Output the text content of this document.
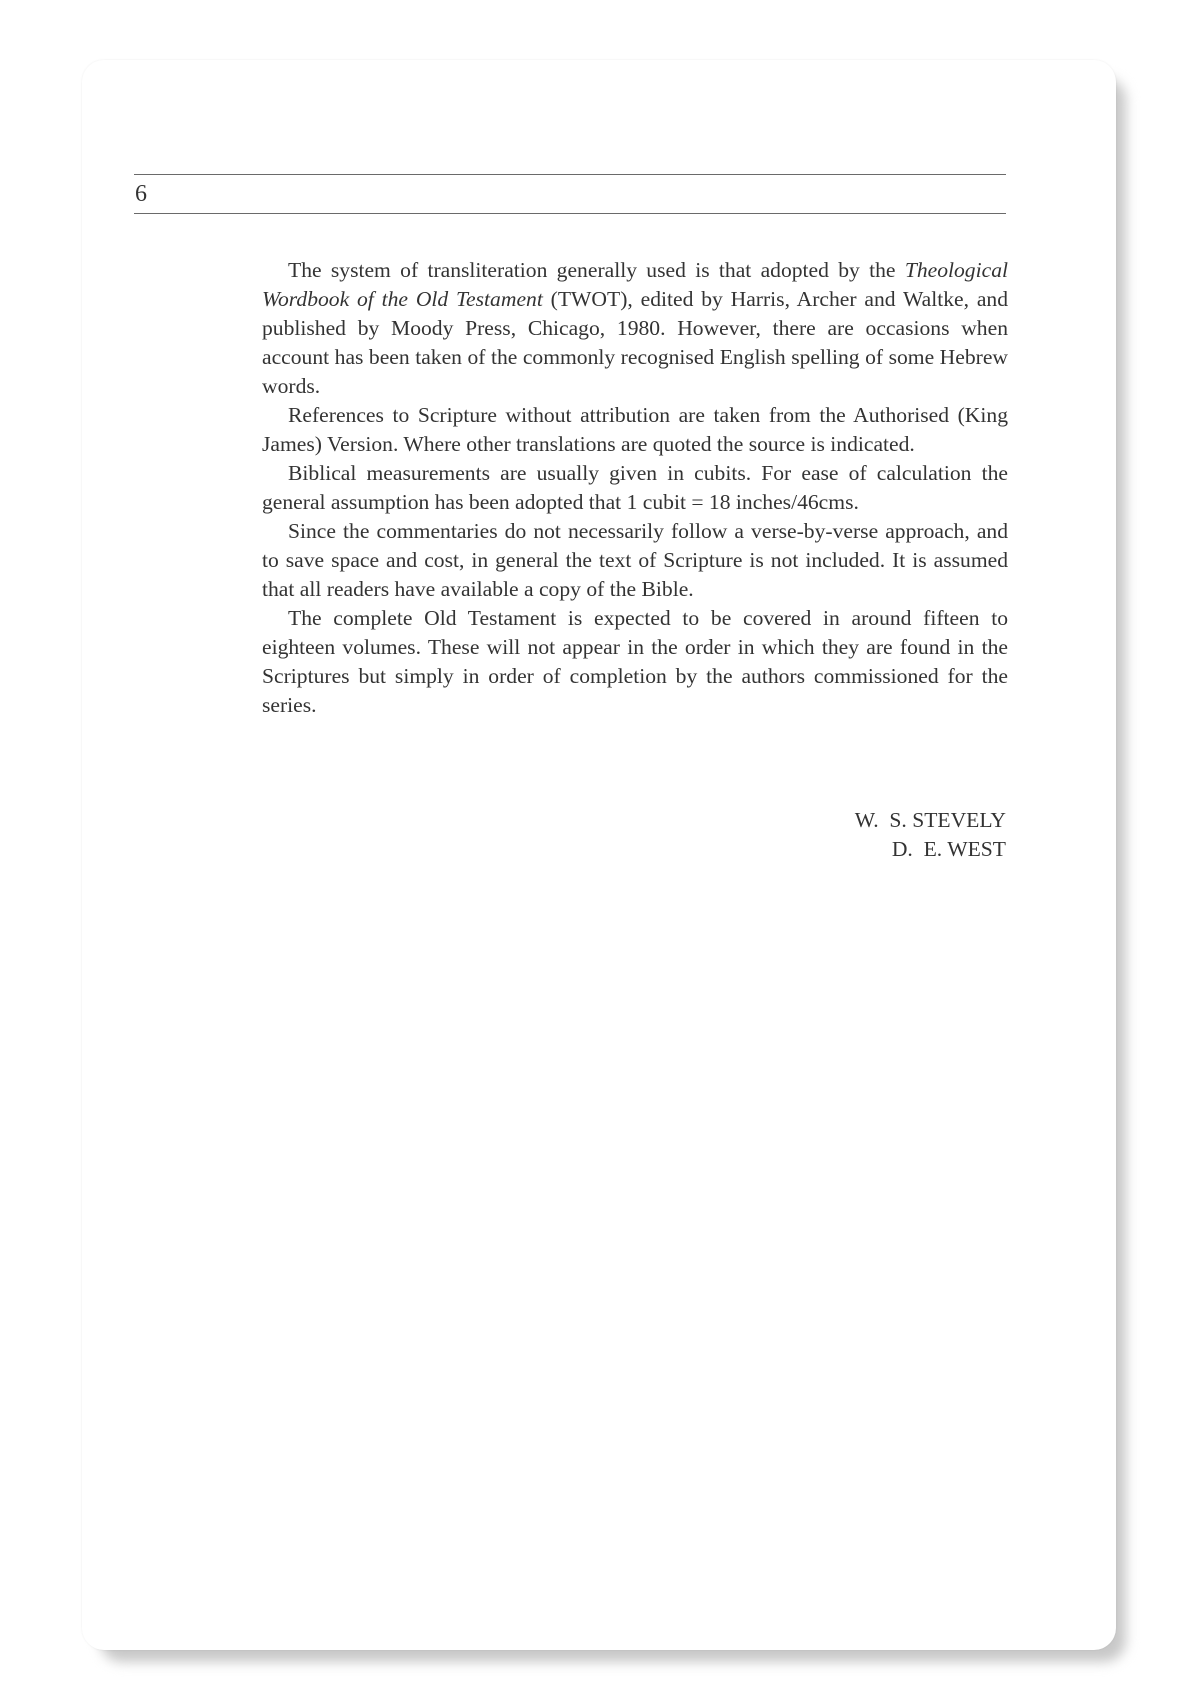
6

The system of transliteration generally used is that adopted by the Theological Wordbook of the Old Testament (TWOT), edited by Harris, Archer and Waltke, and published by Moody Press, Chicago, 1980. However, there are occasions when account has been taken of the commonly recognised English spelling of some Hebrew words.

References to Scripture without attribution are taken from the Authorised (King James) Version. Where other translations are quoted the source is indicated.

Biblical measurements are usually given in cubits. For ease of calculation the general assumption has been adopted that 1 cubit = 18 inches/46cms.

Since the commentaries do not necessarily follow a verse-by-verse approach, and to save space and cost, in general the text of Scripture is not included. It is assumed that all readers have available a copy of the Bible.

The complete Old Testament is expected to be covered in around fifteen to eighteen volumes. These will not appear in the order in which they are found in the Scriptures but simply in order of completion by the authors commissioned for the series.

W.  S. STEVELY
D.  E. WEST
